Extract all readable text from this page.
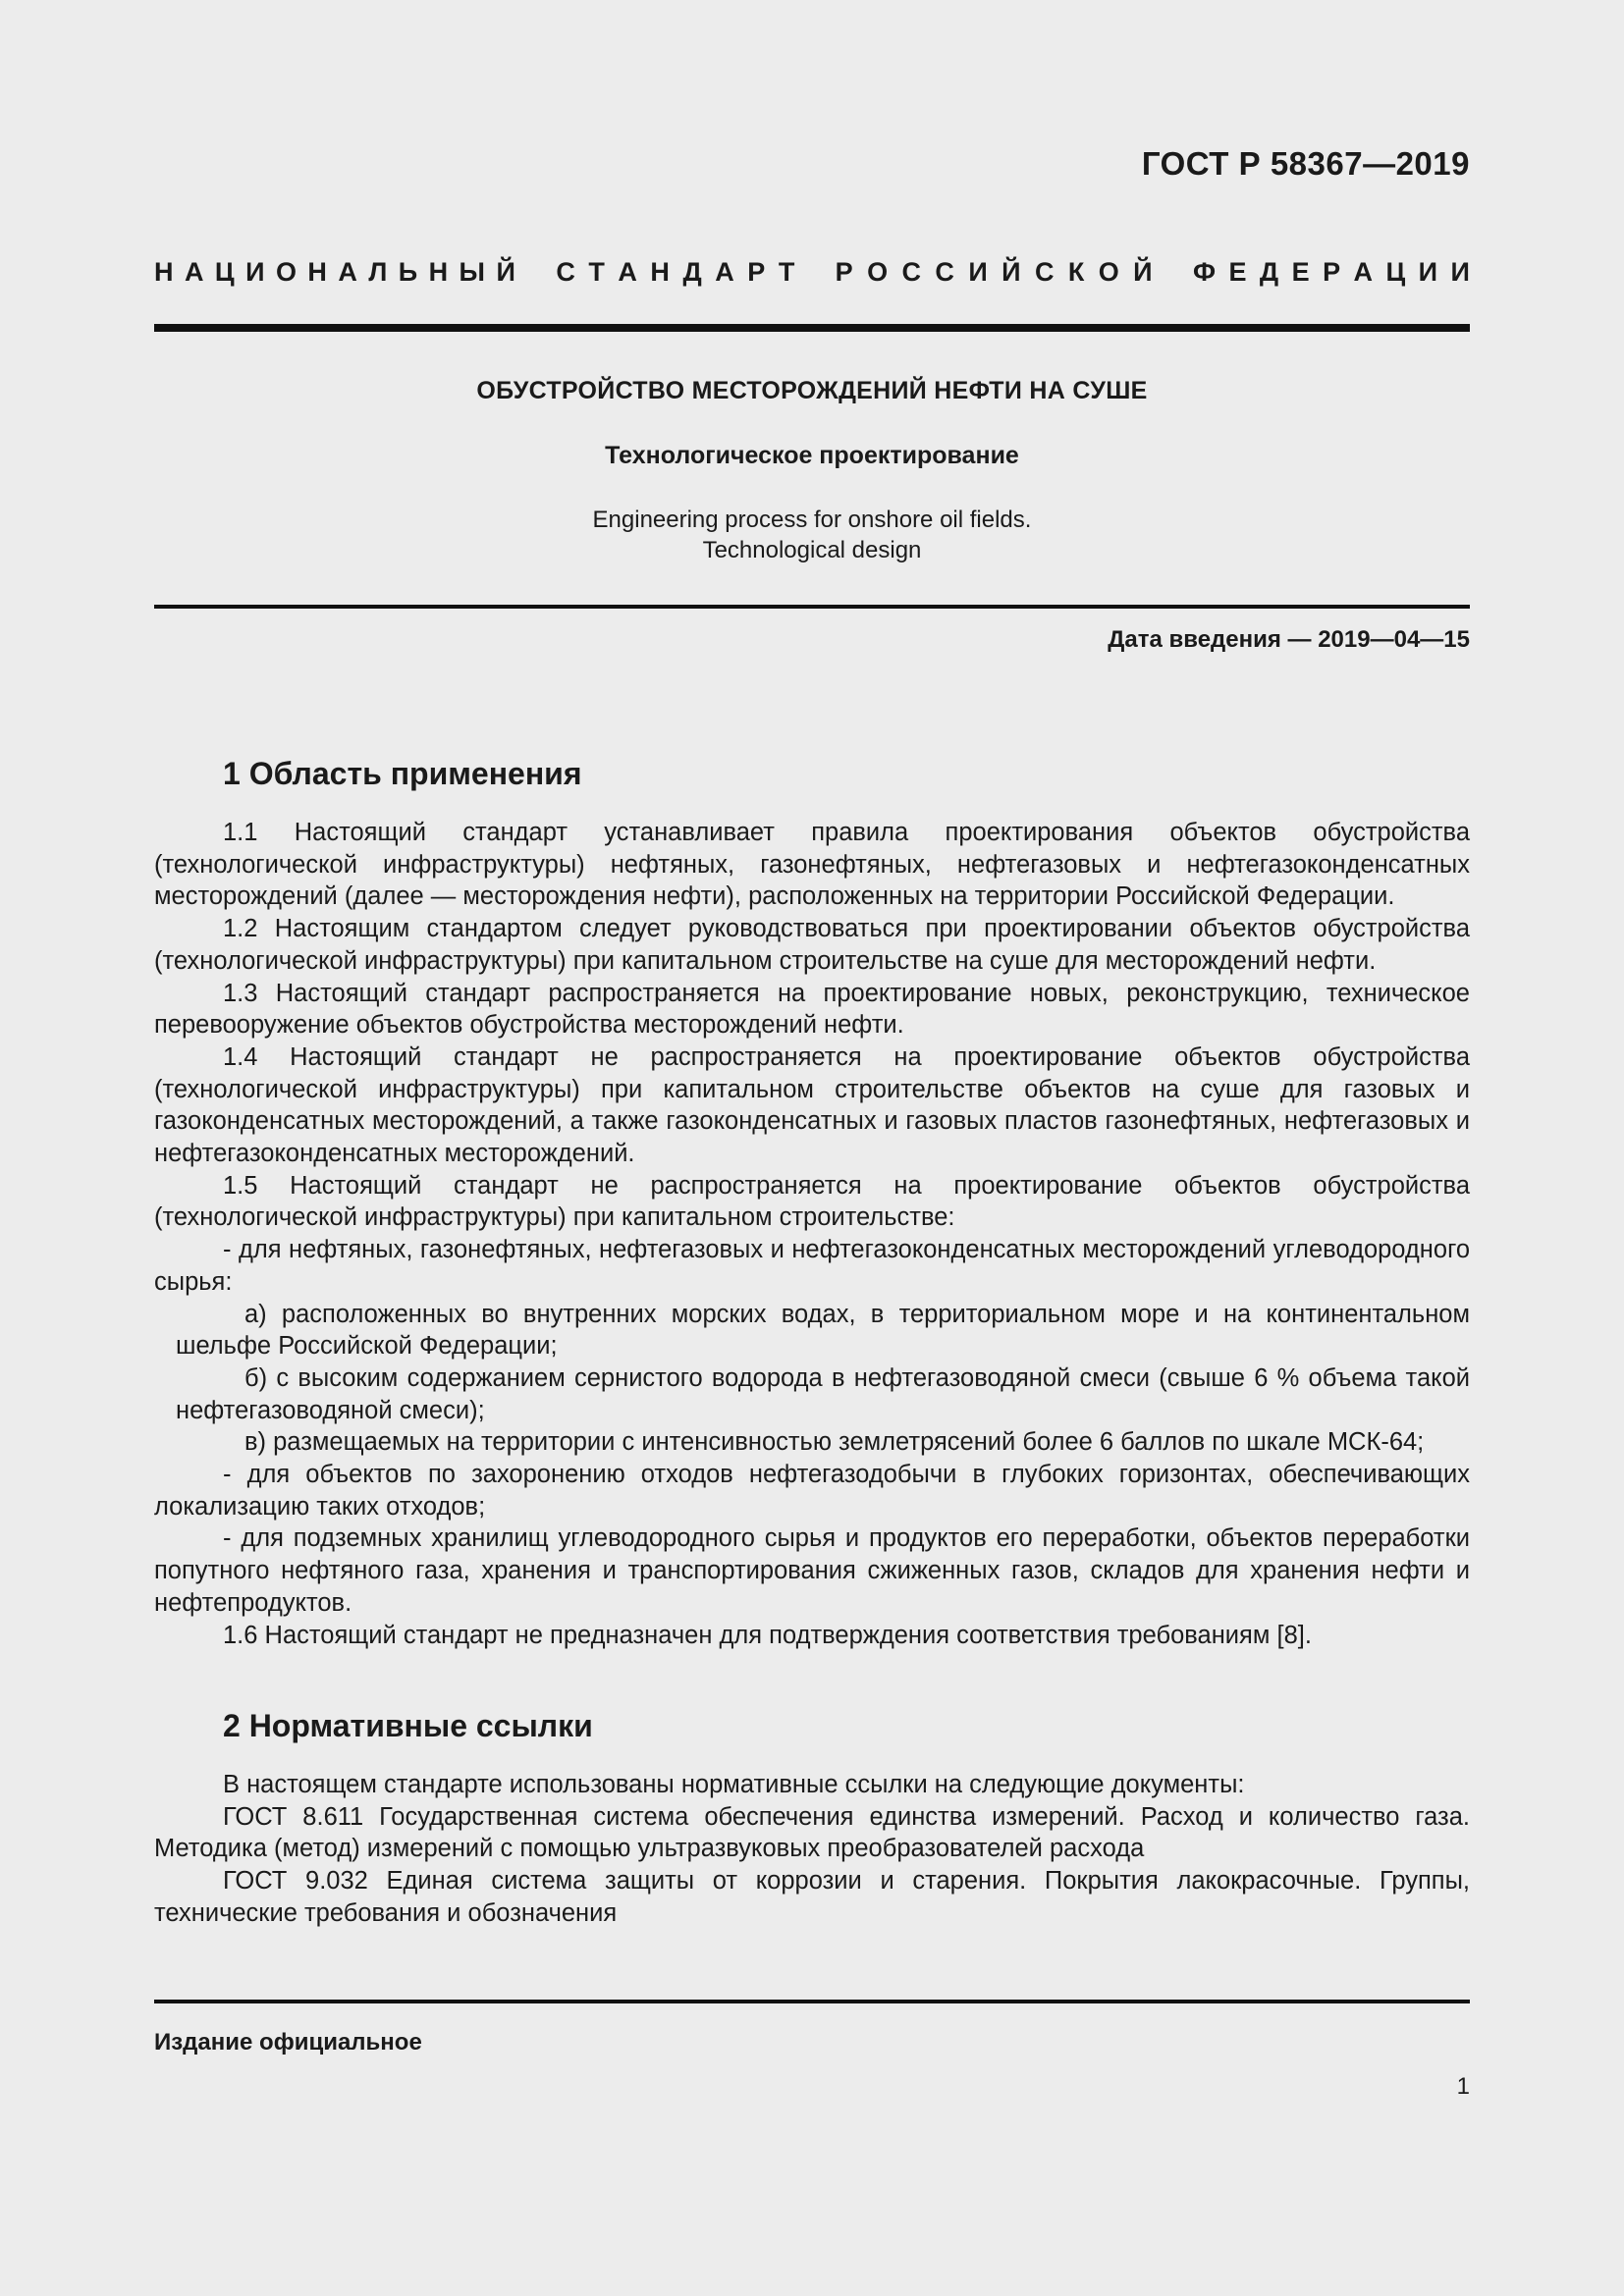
ГОСТ Р 58367—2019
Н А Ц И О Н А Л Ь Н Ы Й С Т А Н Д А Р Т Р О С С И Й С К О Й Ф Е Д Е Р А Ц И И
ОБУСТРОЙСТВО МЕСТОРОЖДЕНИЙ НЕФТИ НА СУШЕ
Технологическое проектирование
Engineering process for onshore oil fields.
Technological design
Дата введения — 2019—04—15
1 Область применения

1.1 Настоящий стандарт устанавливает правила проектирования объектов обустройства (технологической инфраструктуры) нефтяных, газонефтяных, нефтегазовых и нефтегазоконденсатных месторождений (далее — месторождения нефти), расположенных на территории Российской Федерации.

1.2 Настоящим стандартом следует руководствоваться при проектировании объектов обустройства (технологической инфраструктуры) при капитальном строительстве на суше для месторождений нефти.

1.3 Настоящий стандарт распространяется на проектирование новых, реконструкцию, техническое перевооружение объектов обустройства месторождений нефти.

1.4 Настоящий стандарт не распространяется на проектирование объектов обустройства (технологической инфраструктуры) при капитальном строительстве объектов на суше для газовых и газоконденсатных месторождений, а также газоконденсатных и газовых пластов газонефтяных, нефтегазовых и нефтегазоконденсатных месторождений.

1.5 Настоящий стандарт не распространяется на проектирование объектов обустройства (технологической инфраструктуры) при капитальном строительстве:

- для нефтяных, газонефтяных, нефтегазовых и нефтегазоконденсатных месторождений углеводородного сырья:

а) расположенных во внутренних морских водах, в территориальном море и на континентальном шельфе Российской Федерации;

б) с высоким содержанием сернистого водорода в нефтегазоводяной смеси (свыше 6 % объема такой нефтегазоводяной смеси);

в) размещаемых на территории с интенсивностью землетрясений более 6 баллов по шкале МСК-64;

- для объектов по захоронению отходов нефтегазодобычи в глубоких горизонтах, обеспечивающих локализацию таких отходов;

- для подземных хранилищ углеводородного сырья и продуктов его переработки, объектов переработки попутного нефтяного газа, хранения и транспортирования сжиженных газов, складов для хранения нефти и нефтепродуктов.

1.6 Настоящий стандарт не предназначен для подтверждения соответствия требованиям [8].

2 Нормативные ссылки

В настоящем стандарте использованы нормативные ссылки на следующие документы:

ГОСТ 8.611 Государственная система обеспечения единства измерений. Расход и количество газа. Методика (метод) измерений с помощью ультразвуковых преобразователей расхода

ГОСТ 9.032 Единая система защиты от коррозии и старения. Покрытия лакокрасочные. Группы, технические требования и обозначения

Издание официальное
1
